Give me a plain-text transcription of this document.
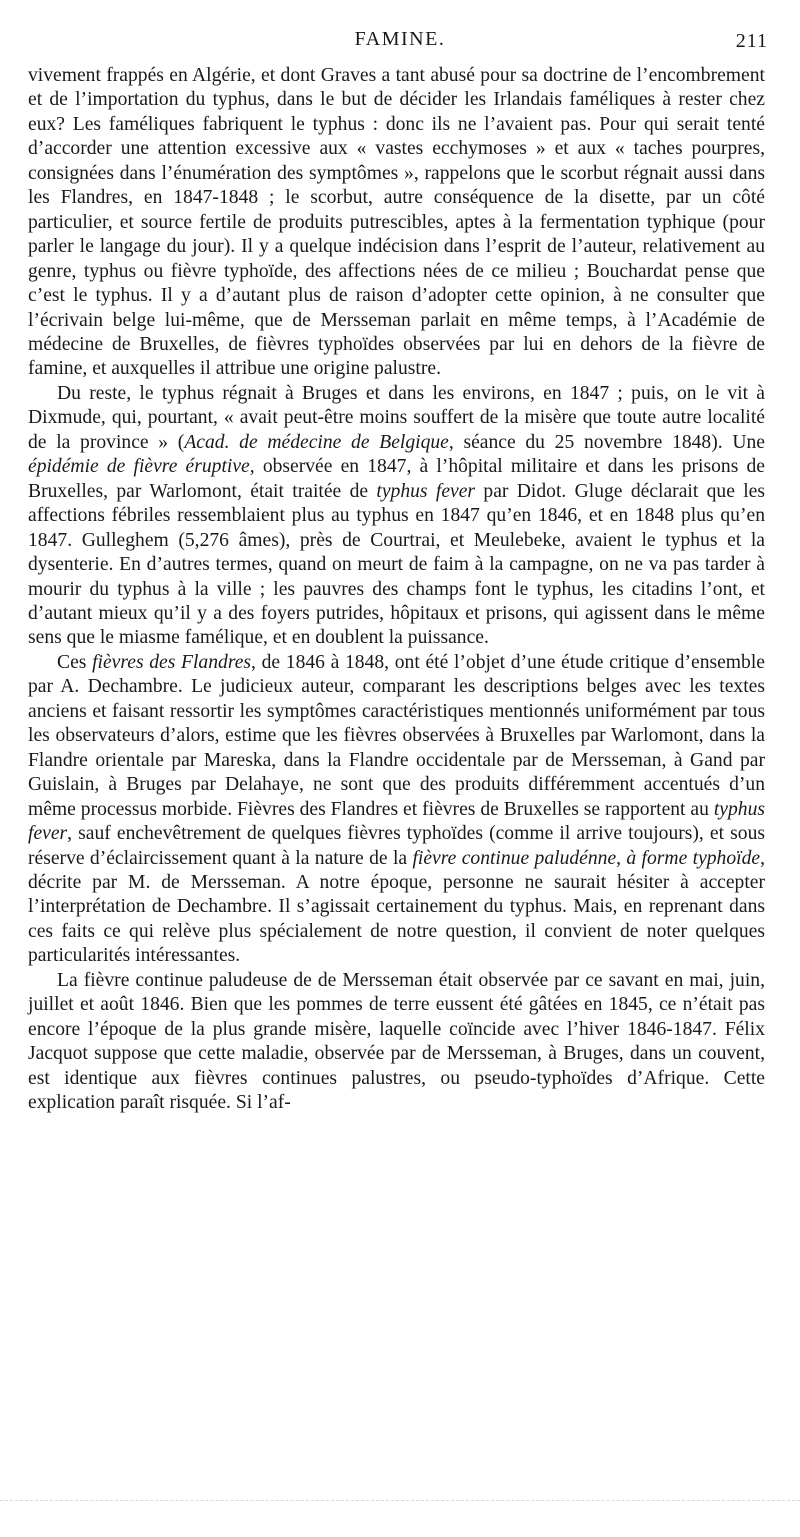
FAMINE.	211

vivement frappés en Algérie, et dont Graves a tant abusé pour sa doctrine de l’encombrement et de l’importation du typhus, dans le but de décider les Irlandais faméliques à rester chez eux? Les faméliques fabriquent le typhus : donc ils ne l’avaient pas. Pour qui serait tenté d’accorder une attention excessive aux « vastes ecchymoses » et aux « taches pourpres, consignées dans l’énumération des symptômes », rappelons que le scorbut régnait aussi dans les Flandres, en 1847-1848 ; le scorbut, autre conséquence de la disette, par un côté particulier, et source fertile de produits putrescibles, aptes à la fermentation typhique (pour parler le langage du jour). Il y a quelque indécision dans l’esprit de l’auteur, relativement au genre, typhus ou fièvre typhoïde, des affections nées de ce milieu ; Bouchardat pense que c’est le typhus. Il y a d’autant plus de raison d’adopter cette opinion, à ne consulter que l’écrivain belge lui-même, que de Mersseman parlait en même temps, à l’Académie de médecine de Bruxelles, de fièvres typhoïdes observées par lui en dehors de la fièvre de famine, et auxquelles il attribue une origine palustre.

Du reste, le typhus régnait à Bruges et dans les environs, en 1847 ; puis, on le vit à Dixmude, qui, pourtant, « avait peut-être moins souffert de la misère que toute autre localité de la province » (Acad. de médecine de Belgique, séance du 25 novembre 1848). Une épidémie de fièvre éruptive, observée en 1847, à l’hôpital militaire et dans les prisons de Bruxelles, par Warlomont, était traitée de typhus fever par Didot. Gluge déclarait que les affections fébriles ressemblaient plus au typhus en 1847 qu’en 1846, et en 1848 plus qu’en 1847. Gulleghem (5,276 âmes), près de Courtrai, et Meulebeke, avaient le typhus et la dysenterie. En d’autres termes, quand on meurt de faim à la campagne, on ne va pas tarder à mourir du typhus à la ville ; les pauvres des champs font le typhus, les citadins l’ont, et d’autant mieux qu’il y a des foyers putrides, hôpitaux et prisons, qui agissent dans le même sens que le miasme famélique, et en doublent la puissance.

Ces fièvres des Flandres, de 1846 à 1848, ont été l’objet d’une étude critique d’ensemble par A. Dechambre. Le judicieux auteur, comparant les descriptions belges avec les textes anciens et faisant ressortir les symptômes caractéristiques mentionnés uniformément par tous les observateurs d’alors, estime que les fièvres observées à Bruxelles par Warlomont, dans la Flandre orientale par Mareska, dans la Flandre occidentale par de Mersseman, à Gand par Guislain, à Bruges par Delahaye, ne sont que des produits différemment accentués d’un même processus morbide. Fièvres des Flandres et fièvres de Bruxelles se rapportent au typhus fever, sauf enchevêtrement de quelques fièvres typhoïdes (comme il arrive toujours), et sous réserve d’éclaircissement quant à la nature de la fièvre continue paludénne, à forme typhoïde, décrite par M. de Mersseman. A notre époque, personne ne saurait hésiter à accepter l’interprétation de Dechambre. Il s’agissait certainement du typhus. Mais, en reprenant dans ces faits ce qui relève plus spécialement de notre question, il convient de noter quelques particularités intéressantes.

La fièvre continue paludeuse de de Mersseman était observée par ce savant en mai, juin, juillet et août 1846. Bien que les pommes de terre eussent été gâtées en 1845, ce n’était pas encore l’époque de la plus grande misère, laquelle coïncide avec l’hiver 1846-1847. Félix Jacquot suppose que cette maladie, observée par de Mersseman, à Bruges, dans un couvent, est identique aux fièvres continues palustres, ou pseudo-typhoïdes d’Afrique. Cette explication paraît risquée. Si l’af-
